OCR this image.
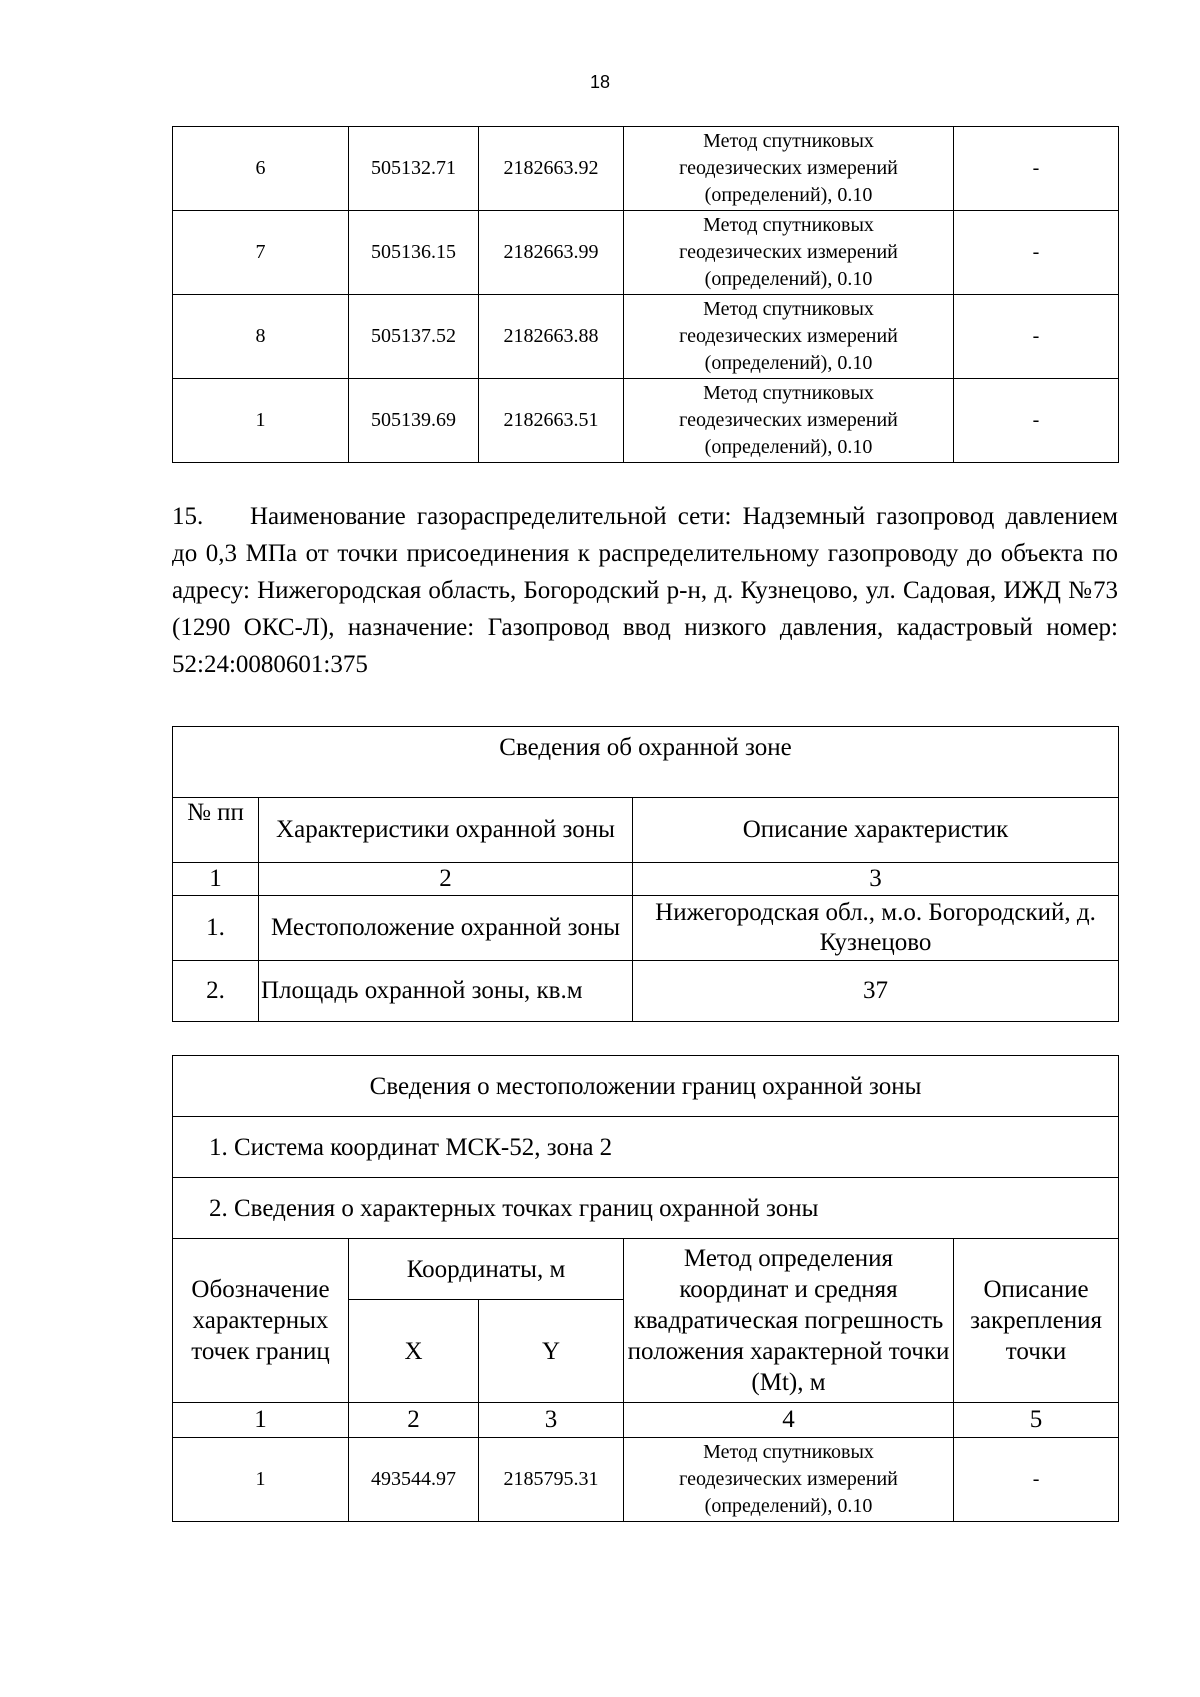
18
6	505132.71	2182663.92	Метод спутниковых
геодезических измерений
(определений), 0.10	-
7	505136.15	2182663.99	Метод спутниковых
геодезических измерений
(определений), 0.10	-
8	505137.52	2182663.88	Метод спутниковых
геодезических измерений
(определений), 0.10	-
1	505139.69	2182663.51	Метод спутниковых
геодезических измерений
(определений), 0.10	-

15. Наименование газораспределительной сети: Надземный газопровод давлением до 0,3 МПа от точки присоединения к распределительному газопроводу до объекта по адресу: Нижегородская область, Богородский р-н, д. Кузнецово, ул. Садовая, ИЖД №73 (1290 ОКС-Л), назначение: Газопровод ввод низкого давления, кадастровый номер: 52:24:0080601:375

Сведения об охранной зоне		
№ пп	Характеристики охранной зоны	Описание характеристик
1	2	3
1.	Местоположение охранной зоны	Нижегородская обл., м.о. Богородский, д. Кузнецово
2.	Площадь охранной зоны, кв.м	37
Сведения о местоположении границ охранной зоны				
1. Система координат МСК-52, зона 2				
2. Сведения о характерных точках границ охранной зоны				
Обозначение характерных точек границ	Координаты, м		Метод определения координат и средняя квадратическая погрешность положения характерной точки (Mt), м	Описание закрепления точки
	X	Y		
1	2	3	4	5
1	493544.97	2185795.31	Метод спутниковых
геодезических измерений
(определений), 0.10	-
